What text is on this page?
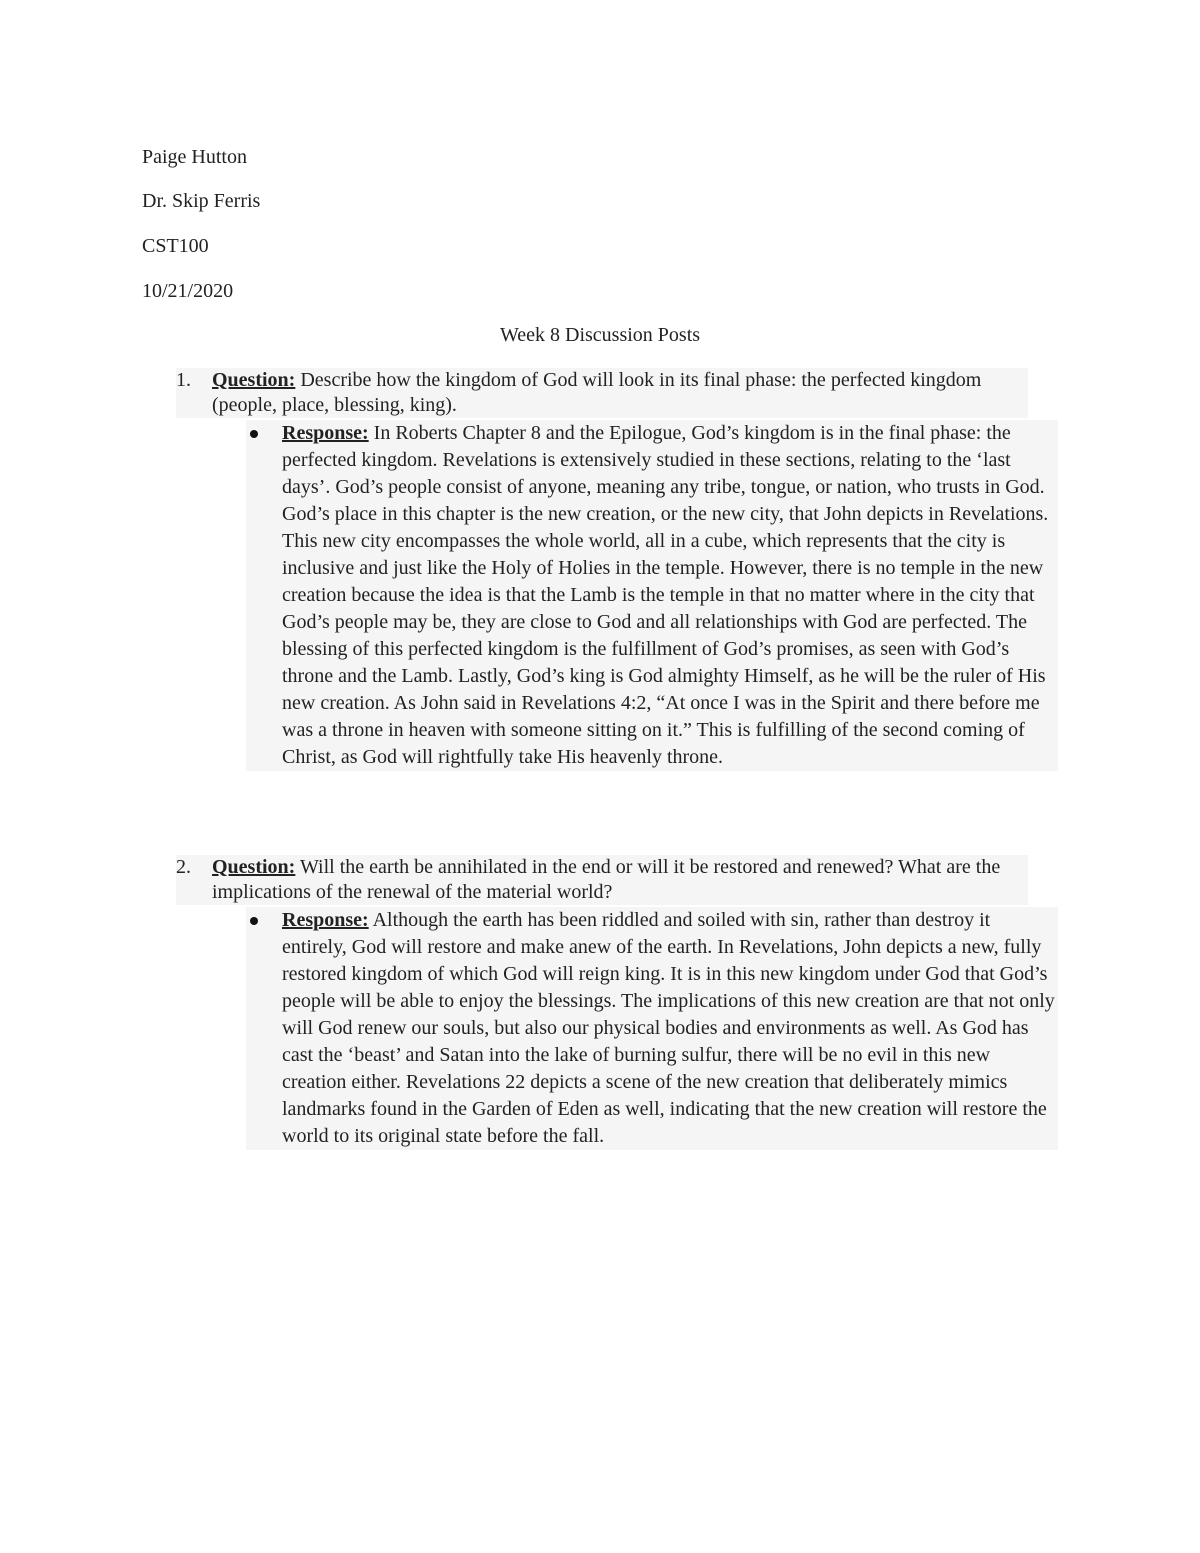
Paige Hutton

Dr. Skip Ferris

CST100

10/21/2020

Week 8 Discussion Posts

1.	Question: Describe how the kingdom of God will look in its final phase: the perfected kingdom (people, place, blessing, king).
Response: In Roberts Chapter 8 and the Epilogue, God’s kingdom is in the final phase: the perfected kingdom. Revelations is extensively studied in these sections, relating to the ‘last days’. God’s people consist of anyone, meaning any tribe, tongue, or nation, who trusts in God. God’s place in this chapter is the new creation, or the new city, that John depicts in Revelations. This new city encompasses the whole world, all in a cube, which represents that the city is inclusive and just like the Holy of Holies in the temple. However, there is no temple in the new creation because the idea is that the Lamb is the temple in that no matter where in the city that God’s people may be, they are close to God and all relationships with God are perfected. The blessing of this perfected kingdom is the fulfillment of God’s promises, as seen with God’s throne and the Lamb. Lastly, God’s king is God almighty Himself, as he will be the ruler of His new creation. As John said in Revelations 4:2, “At once I was in the Spirit and there before me was a throne in heaven with someone sitting on it.” This is fulfilling of the second coming of Christ, as God will rightfully take His heavenly throne.
2.	Question: Will the earth be annihilated in the end or will it be restored and renewed? What are the implications of the renewal of the material world?
Response: Although the earth has been riddled and soiled with sin, rather than destroy it entirely, God will restore and make anew of the earth. In Revelations, John depicts a new, fully restored kingdom of which God will reign king. It is in this new kingdom under God that God’s people will be able to enjoy the blessings. The implications of this new creation are that not only will God renew our souls, but also our physical bodies and environments as well. As God has cast the ‘beast’ and Satan into the lake of burning sulfur, there will be no evil in this new creation either. Revelations 22 depicts a scene of the new creation that deliberately mimics landmarks found in the Garden of Eden as well, indicating that the new creation will restore the world to its original state before the fall.
